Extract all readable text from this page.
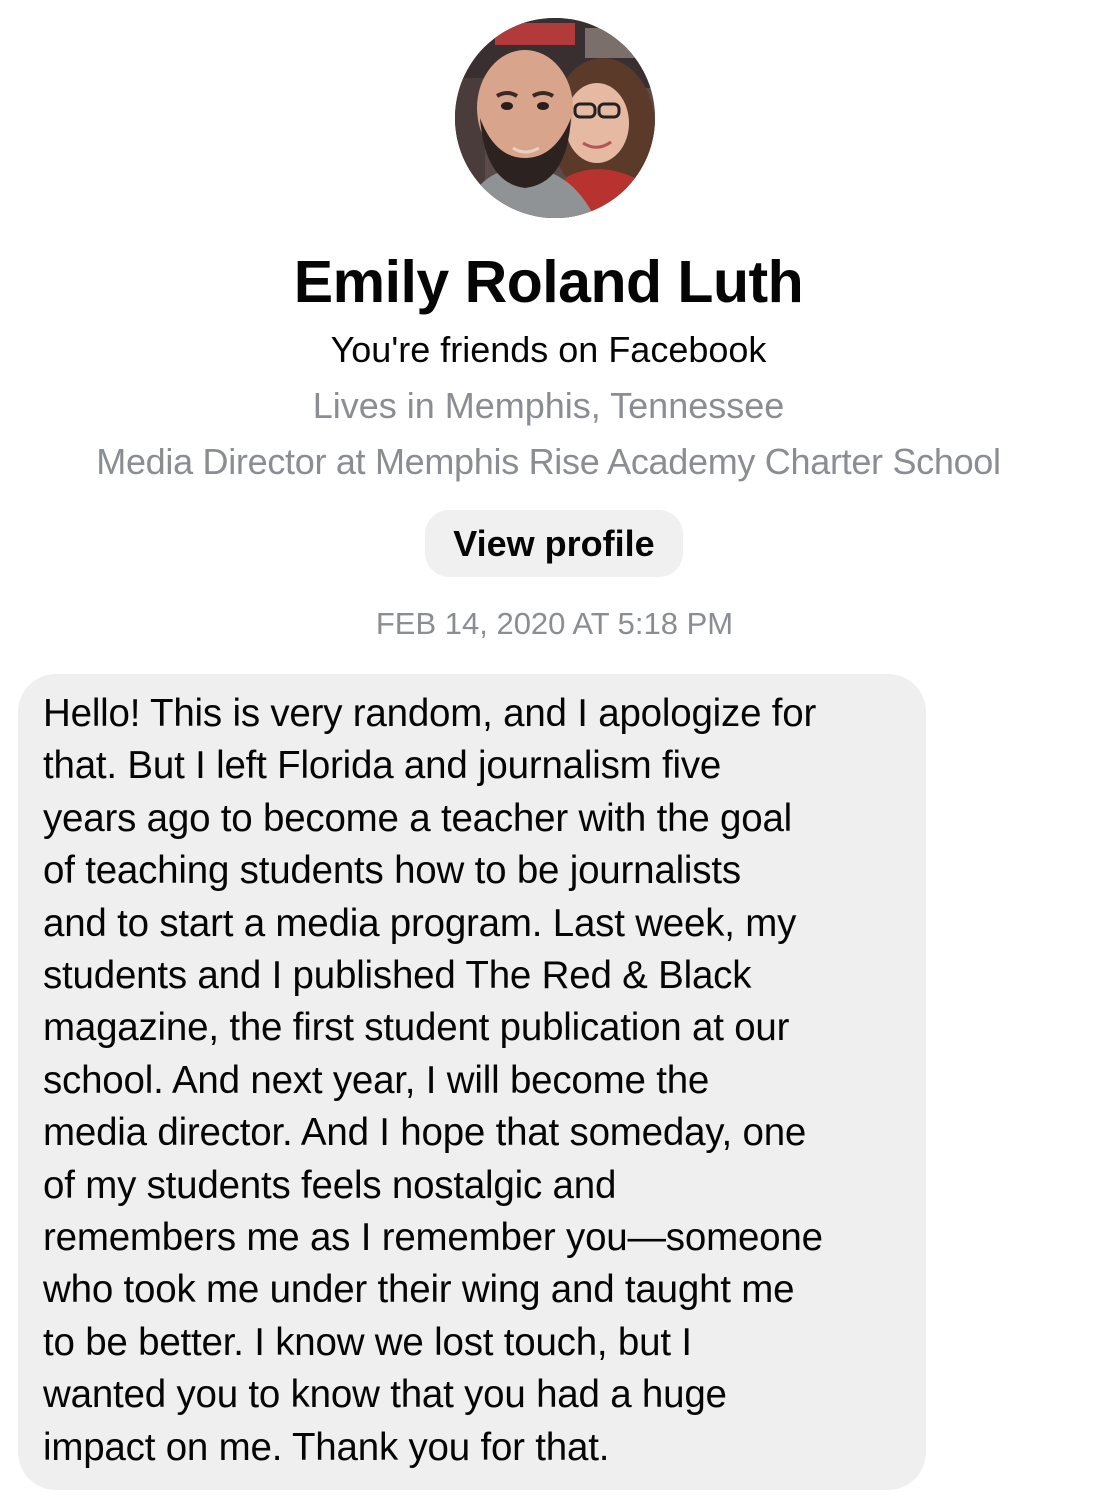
Emily Roland Luth
You're friends on Facebook
Lives in Memphis, Tennessee
Media Director at Memphis Rise Academy Charter School
View profile
FEB 14, 2020 AT 5:18 PM
Hello! This is very random, and I apologize for
that. But I left Florida and journalism five
years ago to become a teacher with the goal
of teaching students how to be journalists
and to start a media program. Last week, my
students and I published The Red & Black
magazine, the first student publication at our
school. And next year, I will become the
media director. And I hope that someday, one
of my students feels nostalgic and
remembers me as I remember you—someone
who took me under their wing and taught me
to be better. I know we lost touch, but I
wanted you to know that you had a huge
impact on me. Thank you for that.
